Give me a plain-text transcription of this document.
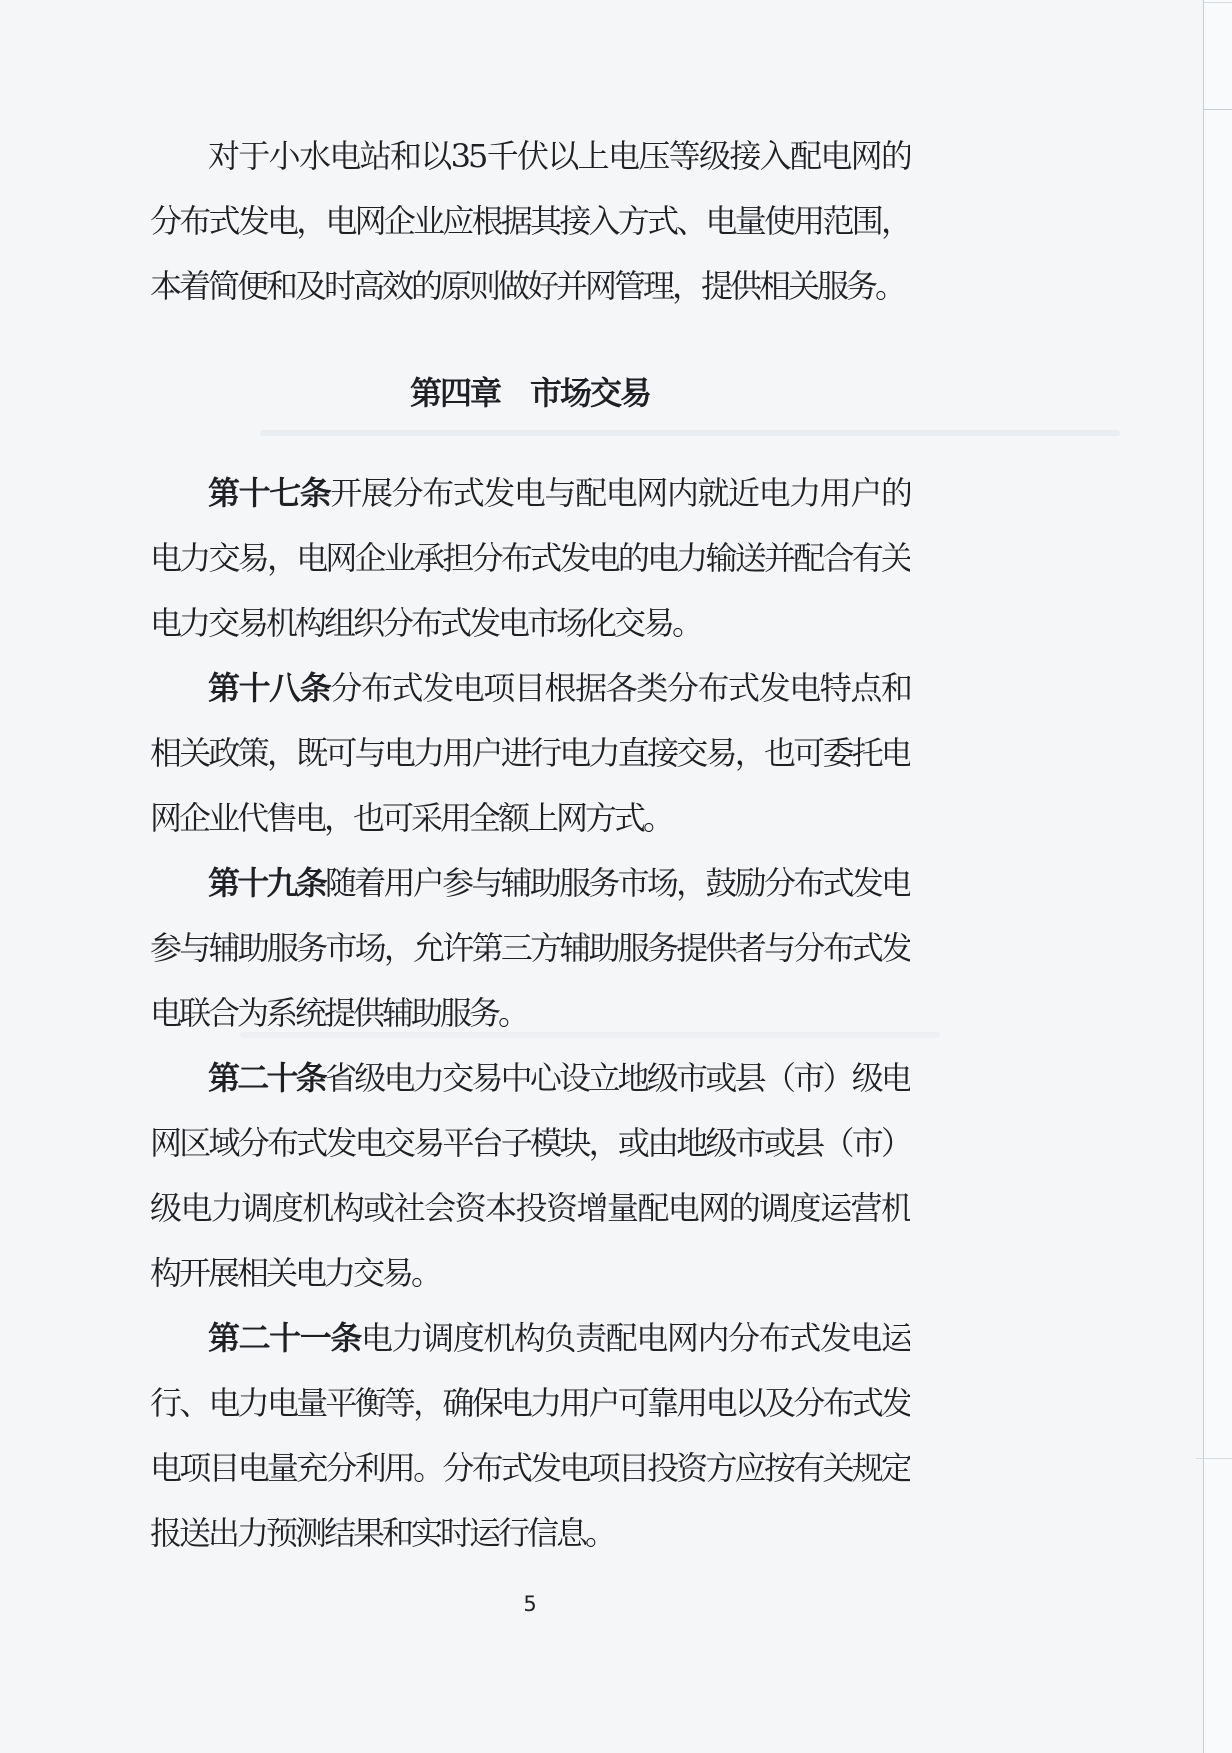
对于小水电站和以35千伏以上电压等级接入配电网的
分布式发电，电网企业应根据其接入方式、电量使用范围，
本着简便和及时高效的原则做好并网管理，提供相关服务。
第四章　市场交易
第十七条开展分布式发电与配电网内就近电力用户的
电力交易，电网企业承担分布式发电的电力输送并配合有关
电力交易机构组织分布式发电市场化交易。
第十八条分布式发电项目根据各类分布式发电特点和
相关政策，既可与电力用户进行电力直接交易，也可委托电
网企业代售电，也可采用全额上网方式。
第十九条随着用户参与辅助服务市场，鼓励分布式发电
参与辅助服务市场，允许第三方辅助服务提供者与分布式发
电联合为系统提供辅助服务。
第二十条省级电力交易中心设立地级市或县（市）级电
网区域分布式发电交易平台子模块，或由地级市或县（市）
级电力调度机构或社会资本投资增量配电网的调度运营机
构开展相关电力交易。
第二十一条电力调度机构负责配电网内分布式发电运
行、电力电量平衡等，确保电力用户可靠用电以及分布式发
电项目电量充分利用。分布式发电项目投资方应按有关规定
报送出力预测结果和实时运行信息。
5
